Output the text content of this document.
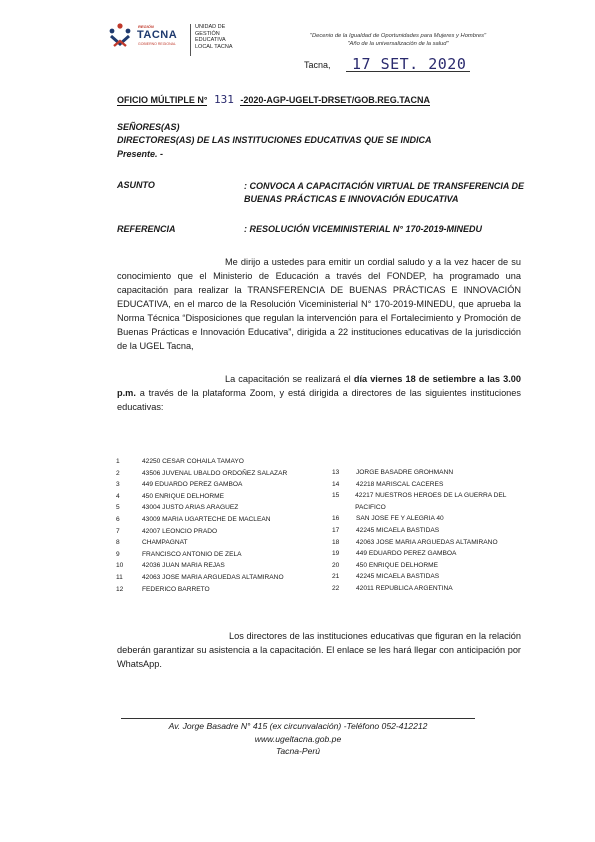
REGIÓN
TACNA
GOBIERNO REGIONAL
UNIDAD DE
GESTIÓN
EDUCATIVA
LOCAL TACNA
"Decenio de la Igualdad de Oportunidades para Mujeres y Hombres"
"Año de la universalización de la salud"
Tacna, 17 SET. 2020
OFICIO MÚLTIPLE N° 131 -2020-AGP-UGELT-DRSET/GOB.REG.TACNA
SEÑORES(AS)
DIRECTORES(AS) DE LAS INSTITUCIONES EDUCATIVAS QUE SE INDICA
Presente. -
ASUNTO	: CONVOCA A CAPACITACIÓN VIRTUAL DE TRANSFERENCIA DE BUENAS PRÁCTICAS E INNOVACIÓN EDUCATIVA
REFERENCIA	: RESOLUCIÓN VICEMINISTERIAL N° 170-2019-MINEDU
Me dirijo a ustedes para emitir un cordial saludo y a la vez hacer de su conocimiento que el Ministerio de Educación a través del FONDEP, ha programado una capacitación para realizar la TRANSFERENCIA DE BUENAS PRÁCTICAS E INNOVACIÓN EDUCATIVA, en el marco de la Resolución Viceministerial N° 170-2019-MINEDU, que aprueba la Norma Técnica “Disposiciones que regulan la intervención para el Fortalecimiento y Promoción de Buenas Prácticas e Innovación Educativa”, dirigida a 22 instituciones educativas de la jurisdicción de la UGEL Tacna,
La capacitación se realizará el día viernes 18 de setiembre a las 3.00 p.m. a través de la plataforma Zoom, y está dirigida a directores de las siguientes instituciones educativas:
1	42250 CESAR COHAILA TAMAYO
2	43506 JUVENAL UBALDO ORDOÑEZ SALAZAR
3	449 EDUARDO PEREZ GAMBOA
4	450 ENRIQUE DELHORME
5	43004 JUSTO ARIAS ARAGUEZ
6	43009 MARIA UGARTECHE DE MACLEAN
7	42007 LEONCIO PRADO
8	CHAMPAGNAT
9	FRANCISCO ANTONIO DE ZELA
10	42036 JUAN MARIA REJAS
11	42063 JOSE MARIA ARGUEDAS ALTAMIRANO
12	FEDERICO BARRETO
13	JORGE BASADRE GROHMANN
14	42218 MARISCAL CACERES
15	42217 NUESTROS HEROES DE LA GUERRA DEL PACIFICO
16	SAN JOSE FE Y ALEGRIA 40
17	42245 MICAELA BASTIDAS
18	42063 JOSE MARIA ARGUEDAS ALTAMIRANO
19	449 EDUARDO PEREZ GAMBOA
20	450 ENRIQUE DELHORME
21	42245 MICAELA BASTIDAS
22	42011 REPUBLICA ARGENTINA
Los directores de las instituciones educativas que figuran en la relación deberán garantizar su asistencia a la capacitación. El enlace se les hará llegar con anticipación por WhatsApp.
Av. Jorge Basadre N° 415 (ex circunvalación) -Teléfono 052-412212
www.ugeltacna.gob.pe
Tacna-Perú
